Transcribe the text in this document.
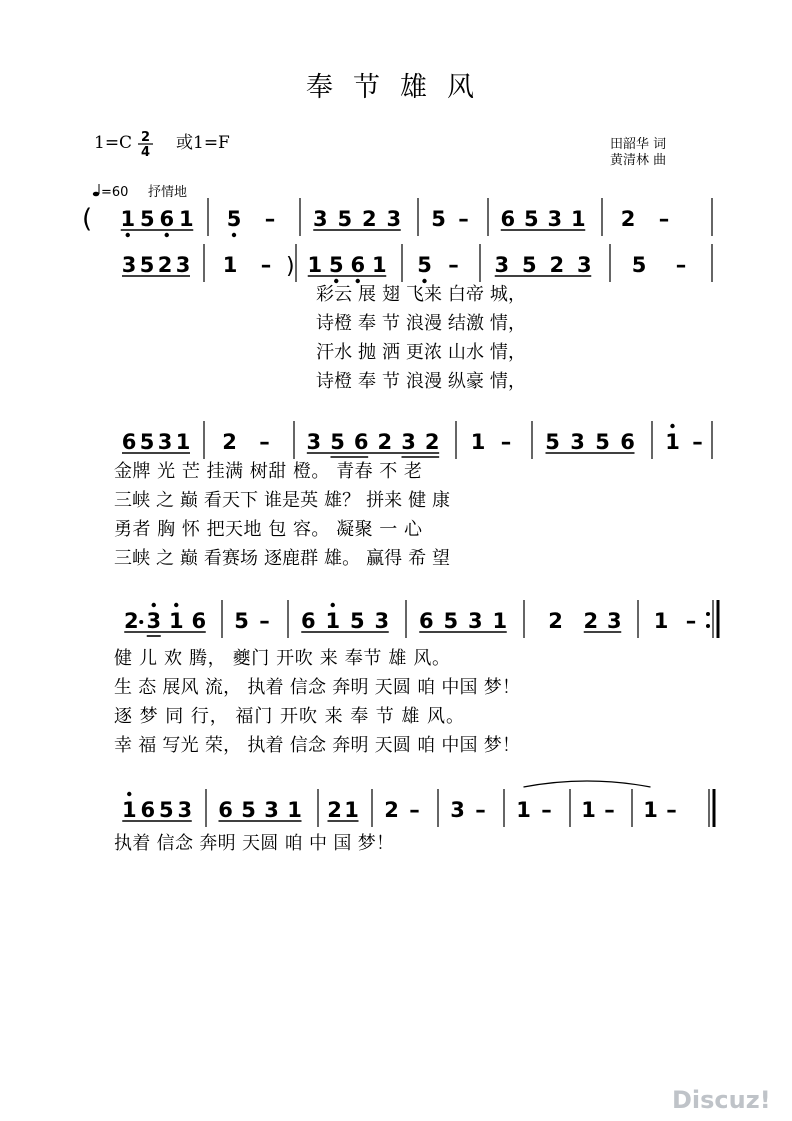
奉节雄风
1=C 2
4 或1=F	田韶华 词
黄清林 曲
=60 抒情地
( 1 5 6 1 5 – 3 5 2 3 5 – 6 5 3 1 2 –
3 5 2 3 1 – ) 1 5 6 1 5 – 3 5 2 3 5 –
彩云 展 翅 飞来 白帝 城，
诗橙 奉 节 浪漫 结激 情，
汗水 抛 洒 更浓 山水 情，
诗橙 奉 节 浪漫 纵豪 情，
6 5 3 1 2 – 3 5 6 2 3 2 1 – 5 3 5 6 1 –
金牌 光 芒 挂满 树甜 橙。 青春 不 老
三峡 之 巅 看天下 谁是英 雄？ 拼来 健 康
勇者 胸 怀 把天地 包 容。 凝聚 一 心
三峡 之 巅 看赛场 逐鹿群 雄。 赢得 希 望
2 3 1 6 5 – 6 1 5 3 6 5 3 1 2 2 3 1 –
健 儿 欢 腾， 夔门 开吹 来 奉节 雄 风。
生 态 展风 流， 执着 信念 奔明 天圆 咱 中国 梦！
逐 梦 同 行， 福门 开吹 来 奉 节 雄 风。
幸 福 写光 荣， 执着 信念 奔明 天圆 咱 中国 梦！
1 6 5 3 6 5 3 1 2 1 2 – 3 – 1 – 1 – 1 –
执着 信念 奔明 天圆 咱 中 国 梦！
Discuz!
